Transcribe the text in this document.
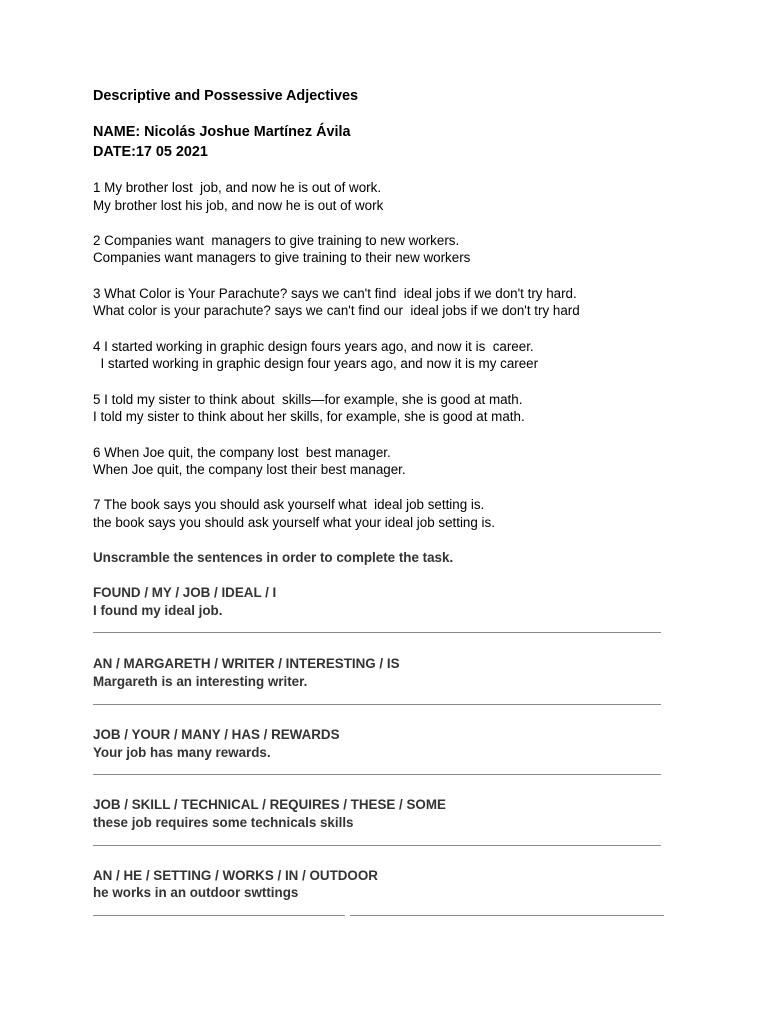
Descriptive and Possessive Adjectives
NAME: Nicolás Joshue Martínez Ávila
DATE:17 05 2021
1 My brother lost  job, and now he is out of work.
My brother lost his job, and now he is out of work
2 Companies want  managers to give training to new workers.
Companies want managers to give training to their new workers
3 What Color is Your Parachute? says we can't find  ideal jobs if we don't try hard.
What color is your parachute? says we can't find our  ideal jobs if we don't try hard
4 I started working in graphic design fours years ago, and now it is  career.
I started working in graphic design four years ago, and now it is my career
5 I told my sister to think about  skills—for example, she is good at math.
I told my sister to think about her skills, for example, she is good at math.
6 When Joe quit, the company lost  best manager.
When Joe quit, the company lost their best manager.
7 The book says you should ask yourself what  ideal job setting is.
the book says you should ask yourself what your ideal job setting is.
Unscramble the sentences in order to complete the task.
FOUND / MY / JOB / IDEAL / I
I found my ideal job.
AN / MARGARETH / WRITER / INTERESTING / IS
Margareth is an interesting writer.
JOB / YOUR / MANY / HAS / REWARDS
Your job has many rewards.
JOB / SKILL / TECHNICAL / REQUIRES / THESE / SOME
these job requires some technicals skills
AN / HE / SETTING / WORKS / IN / OUTDOOR
he works in an outdoor swttings
